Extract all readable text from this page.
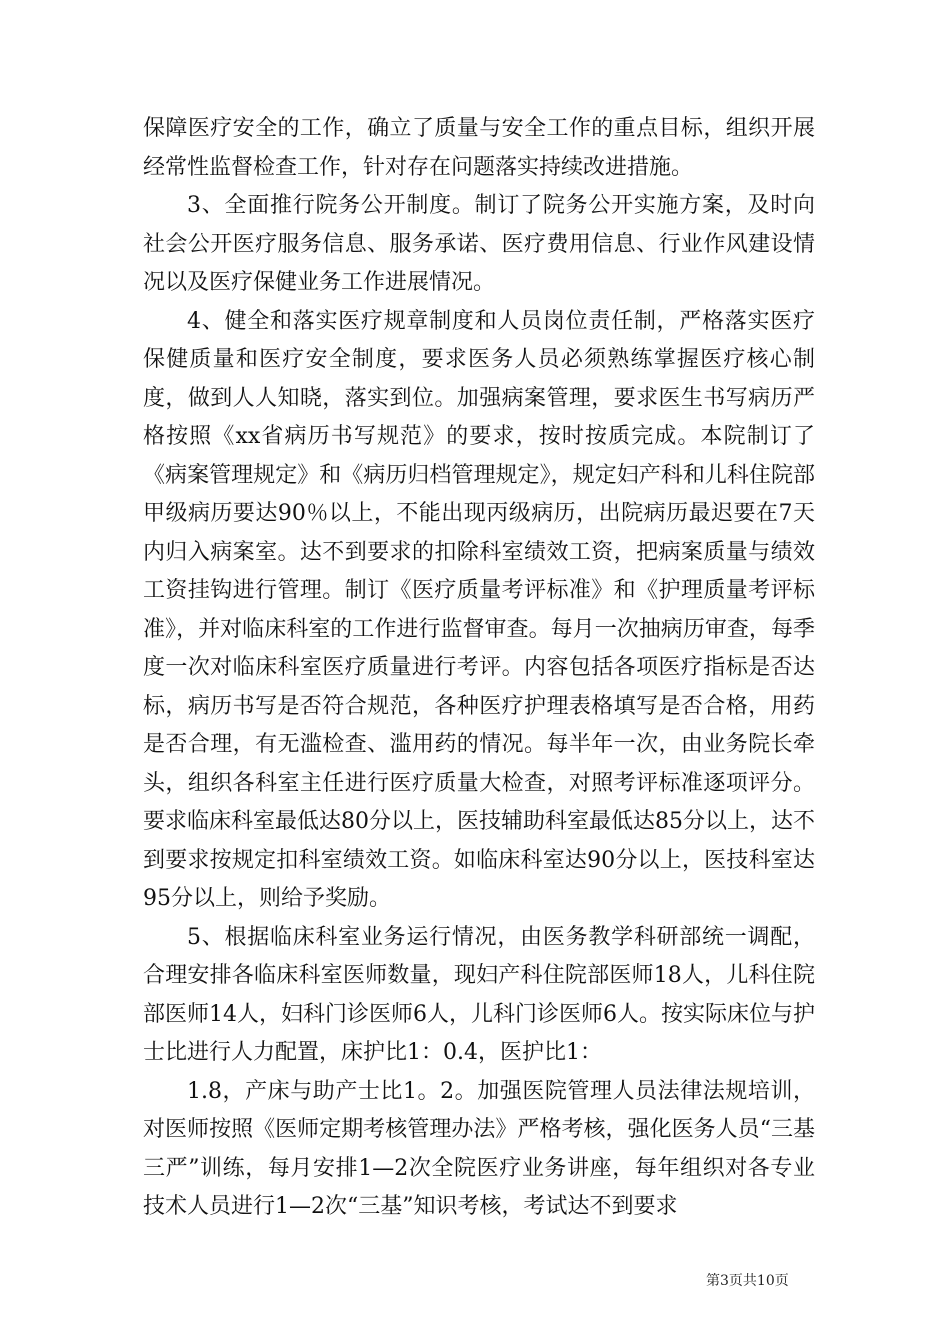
保障医疗安全的工作，确立了质量与安全工作的重点目标，组织开展经常性监督检查工作，针对存在问题落实持续改进措施。

3、全面推行院务公开制度。制订了院务公开实施方案，及时向社会公开医疗服务信息、服务承诺、医疗费用信息、行业作风建设情况以及医疗保健业务工作进展情况。

4、健全和落实医疗规章制度和人员岗位责任制，严格落实医疗保健质量和医疗安全制度，要求医务人员必须熟练掌握医疗核心制度，做到人人知晓，落实到位。加强病案管理，要求医生书写病历严格按照《xx省病历书写规范》的要求，按时按质完成。本院制订了《病案管理规定》和《病历归档管理规定》，规定妇产科和儿科住院部甲级病历要达90％以上，不能出现丙级病历，出院病历最迟要在7天内归入病案室。达不到要求的扣除科室绩效工资，把病案质量与绩效工资挂钩进行管理。制订《医疗质量考评标准》和《护理质量考评标准》，并对临床科室的工作进行监督审查。每月一次抽病历审查，每季度一次对临床科室医疗质量进行考评。内容包括各项医疗指标是否达标，病历书写是否符合规范，各种医疗护理表格填写是否合格，用药是否合理，有无滥检查、滥用药的情况。每半年一次，由业务院长牵头，组织各科室主任进行医疗质量大检查，对照考评标准逐项评分。要求临床科室最低达80分以上，医技辅助科室最低达85分以上，达不到要求按规定扣科室绩效工资。如临床科室达90分以上，医技科室达95分以上，则给予奖励。

5、根据临床科室业务运行情况，由医务教学科研部统一调配，合理安排各临床科室医师数量，现妇产科住院部医师18人，儿科住院部医师14人，妇科门诊医师6人，儿科门诊医师6人。按实际床位与护士比进行人力配置，床护比1：0.4，医护比1：

1.8，产床与助产士比1。2。加强医院管理人员法律法规培训，对医师按照《医师定期考核管理办法》严格考核，强化医务人员“三基三严”训练，每月安排1—2次全院医疗业务讲座，每年组织对各专业技术人员进行1—2次“三基”知识考核，考试达不到要求

第3页共10页
